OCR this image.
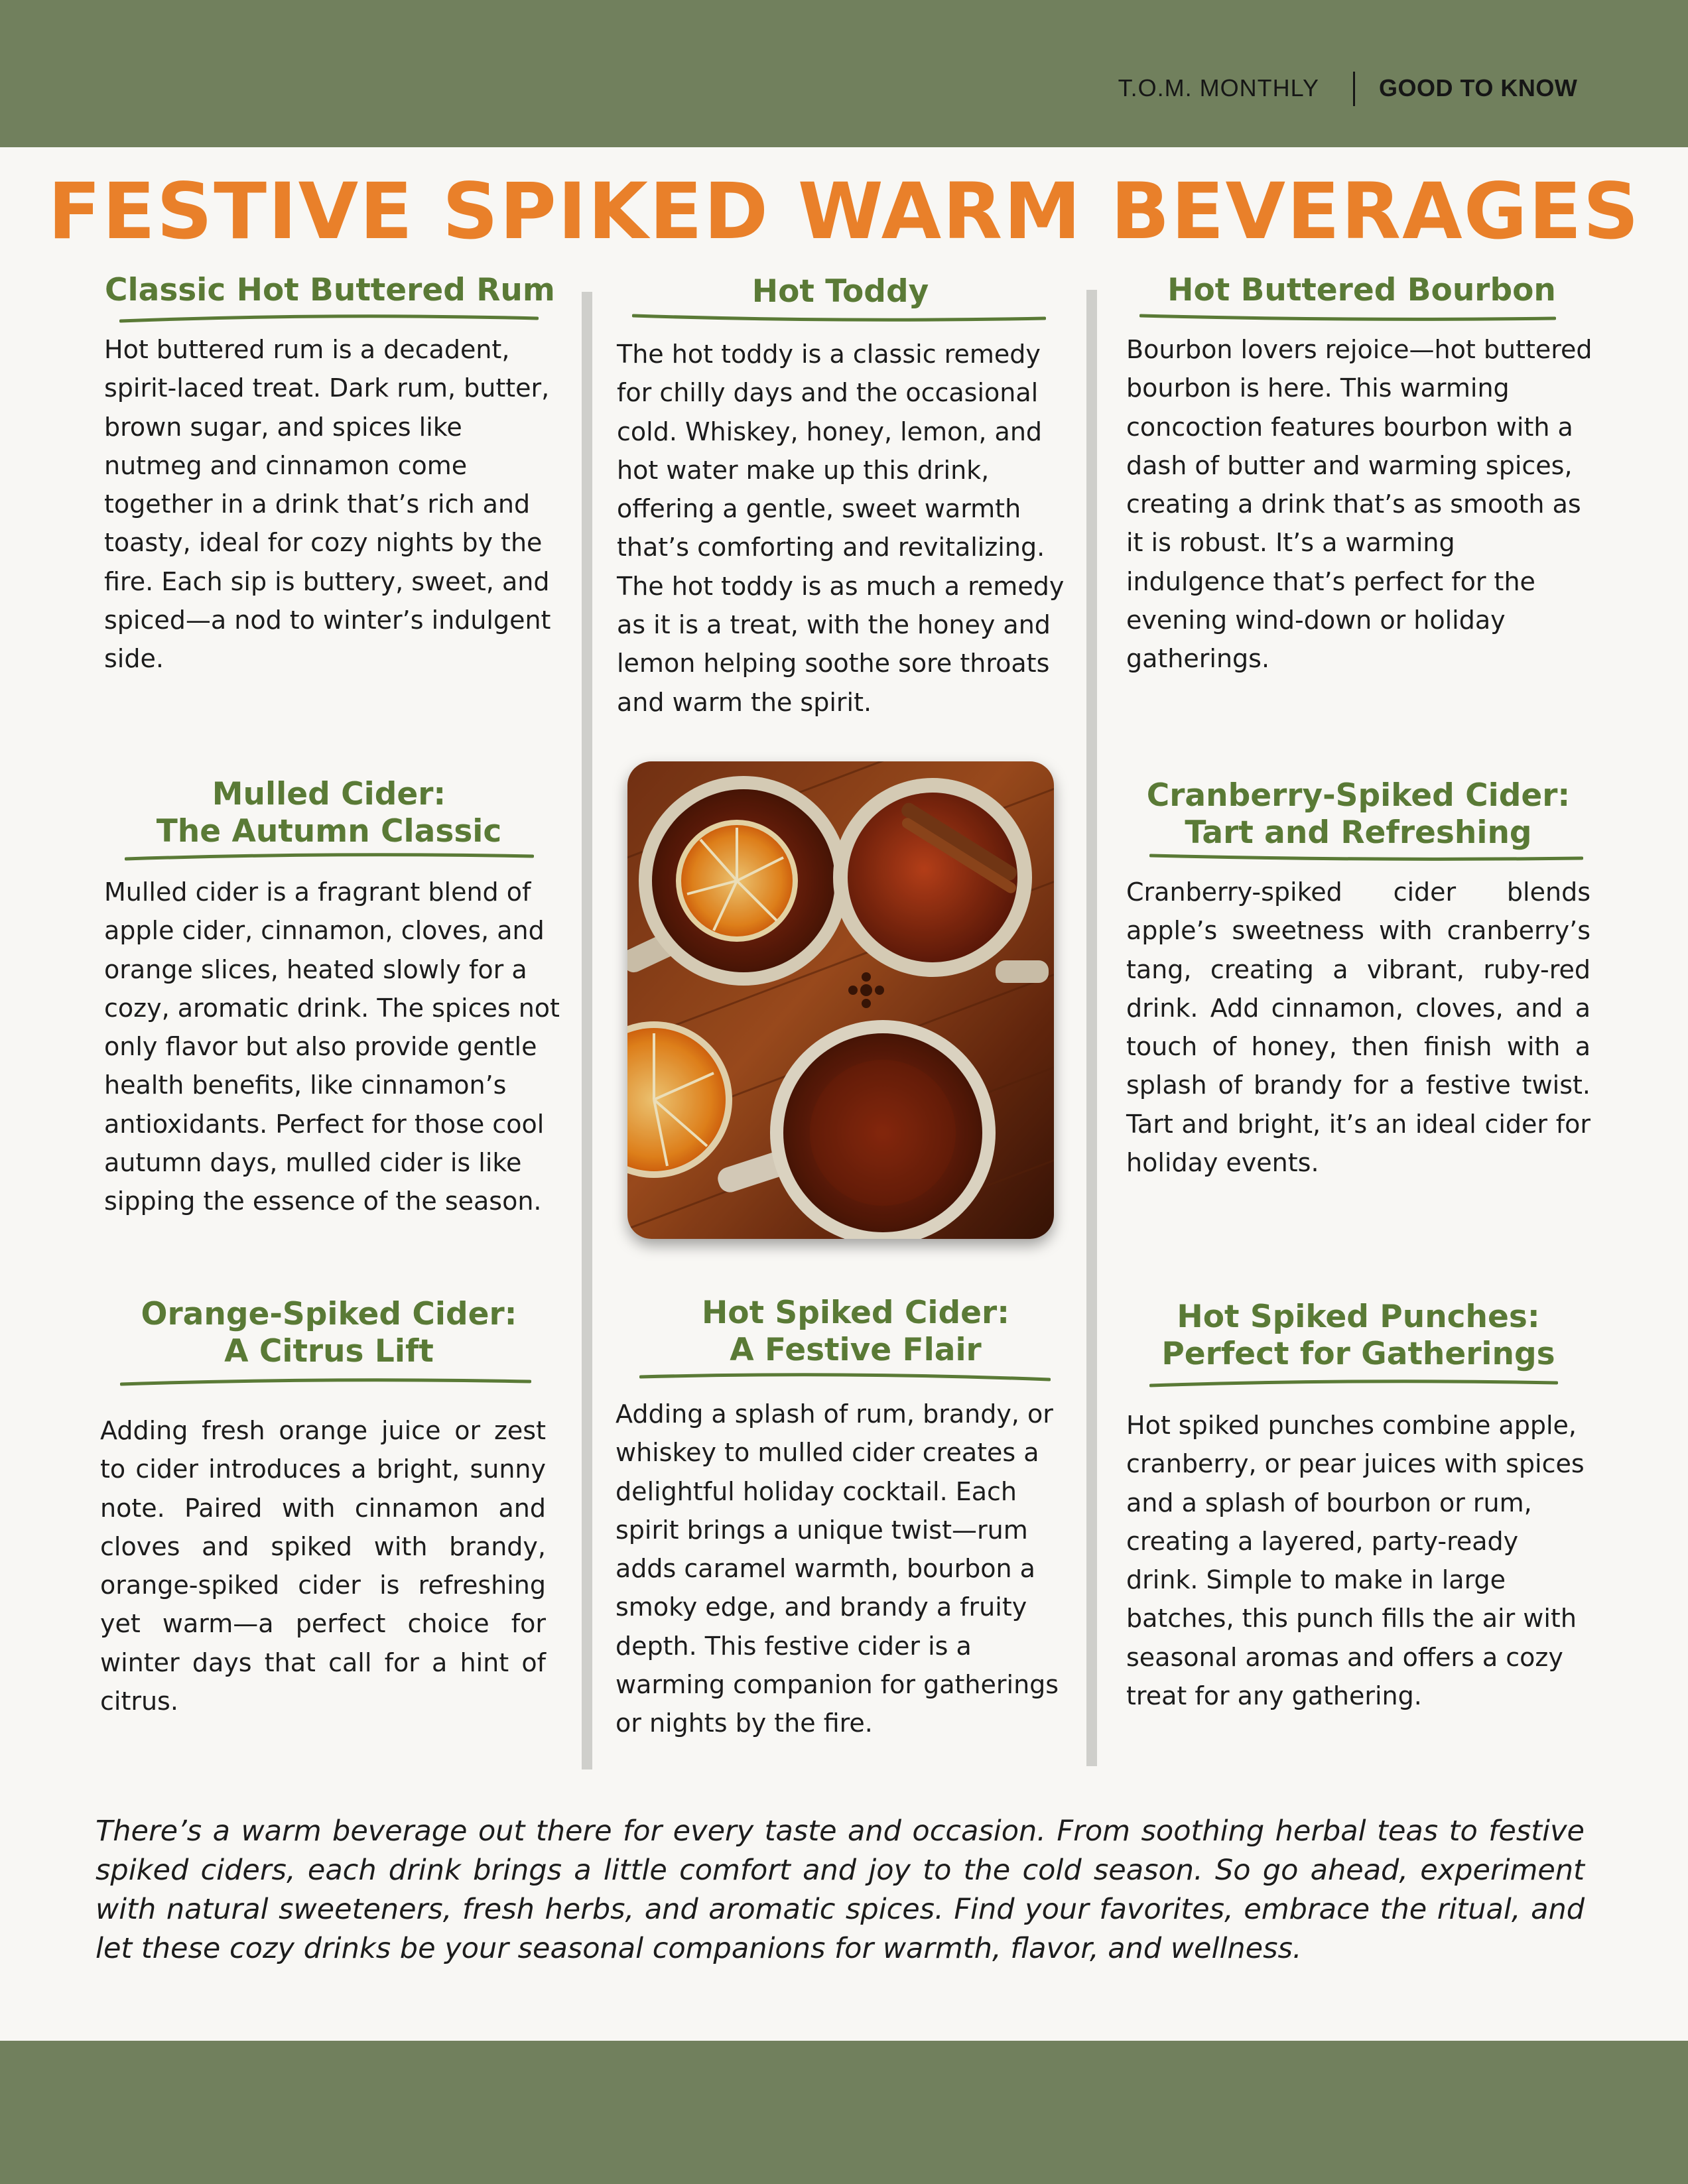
T.O.M. MONTHLY	GOOD TO KNOW
FESTIVE SPIKED WARM BEVERAGES
Classic Hot Buttered Rum
Hot buttered rum is a decadent, spirit-laced treat. Dark rum, butter, brown sugar, and spices like nutmeg and cinnamon come together in a drink that’s rich and toasty, ideal for cozy nights by the fire. Each sip is buttery, sweet, and spiced—a nod to winter’s indulgent side.
Hot Toddy
The hot toddy is a classic remedy for chilly days and the occasional cold. Whiskey, honey, lemon, and hot water make up this drink, offering a gentle, sweet warmth that’s comforting and revitalizing. The hot toddy is as much a remedy as it is a treat, with the honey and lemon helping soothe sore throats and warm the spirit.
Hot Buttered Bourbon
Bourbon lovers rejoice—hot buttered bourbon is here. This warming concoction features bourbon with a dash of butter and warming spices, creating a drink that’s as smooth as it is robust. It’s a warming indulgence that’s perfect for the evening wind-down or holiday gatherings.
Mulled Cider:
The Autumn Classic
Mulled cider is a fragrant blend of apple cider, cinnamon, cloves, and orange slices, heated slowly for a cozy, aromatic drink. The spices not only flavor but also provide gentle health benefits, like cinnamon’s antioxidants. Perfect for those cool autumn days, mulled cider is like sipping the essence of the season.
Cranberry-Spiked Cider:
Tart and Refreshing
Cranberry-spiked cider blends apple’s sweetness with cranberry’s tang, creating a vibrant, ruby-red drink. Add cinnamon, cloves, and a touch of honey, then finish with a splash of brandy for a festive twist. Tart and bright, it’s an ideal cider for holiday events.
Orange-Spiked Cider:
A Citrus Lift
Adding fresh orange juice or zest to cider introduces a bright, sunny note. Paired with cinnamon and cloves and spiked with brandy, orange-spiked cider is refreshing yet warm—a perfect choice for winter days that call for a hint of citrus.
Hot Spiked Cider:
A Festive Flair
Adding a splash of rum, brandy, or whiskey to mulled cider creates a delightful holiday cocktail. Each spirit brings a unique twist—rum adds caramel warmth, bourbon a smoky edge, and brandy a fruity depth. This festive cider is a warming companion for gatherings or nights by the fire.
Hot Spiked Punches:
Perfect for Gatherings
Hot spiked punches combine apple, cranberry, or pear juices with spices and a splash of bourbon or rum, creating a layered, party-ready drink. Simple to make in large batches, this punch fills the air with seasonal aromas and offers a cozy treat for any gathering.
There’s a warm beverage out there for every taste and occasion. From soothing herbal teas to festive spiked ciders, each drink brings a little comfort and joy to the cold season. So go ahead, experiment with natural sweeteners, fresh herbs, and aromatic spices. Find your favorites, embrace the ritual, and let these cozy drinks be your seasonal companions for warmth, flavor, and wellness.
